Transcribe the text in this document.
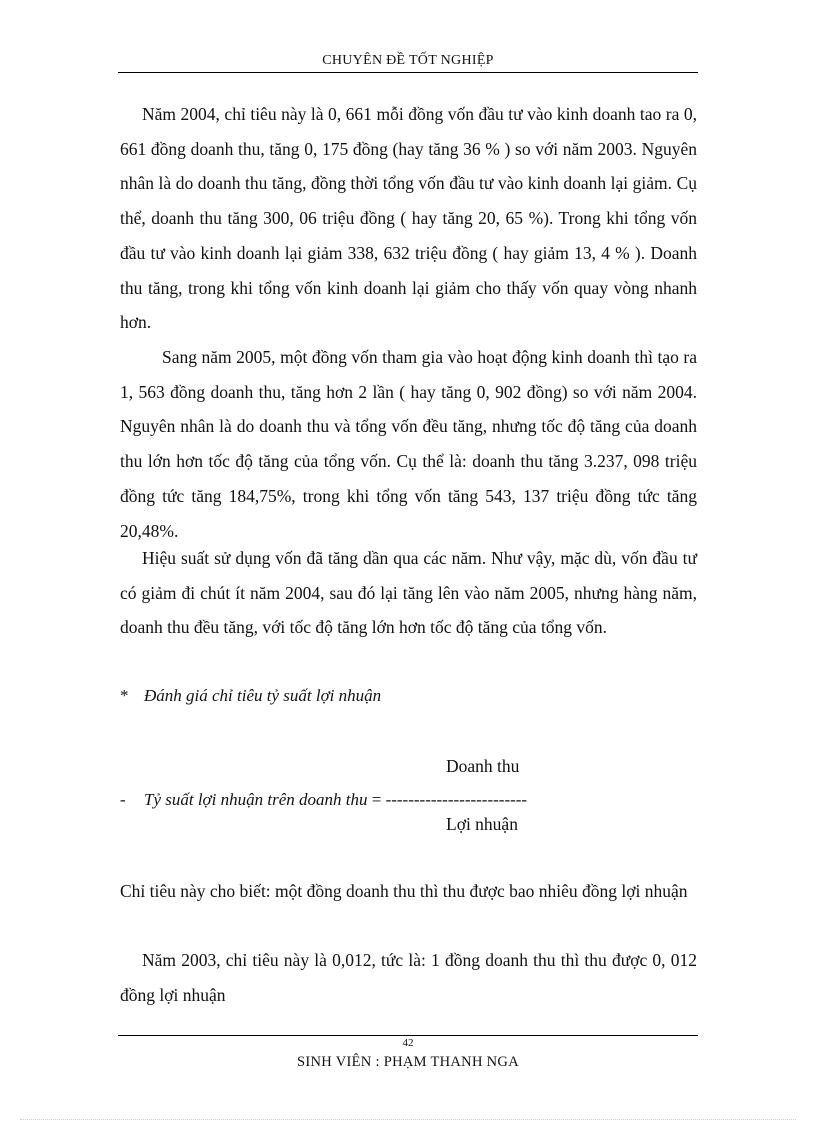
CHUYÊN ĐỀ TỐT NGHIỆP

Năm 2004, chỉ tiêu này là 0, 661 mỗi đồng vốn đầu tư vào kinh doanh tao ra 0, 661 đồng doanh thu, tăng 0, 175 đồng (hay tăng 36 % ) so với năm 2003. Nguyên nhân là do doanh thu tăng, đồng thời tổng vốn đầu tư vào kinh doanh lại giảm. Cụ thể, doanh thu tăng 300, 06 triệu đồng ( hay tăng 20, 65 %). Trong khi tổng vốn đầu tư vào kinh doanh lại giảm 338, 632 triệu đồng ( hay giảm 13, 4 % ). Doanh thu tăng, trong khi tổng vốn kinh doanh lại giảm cho thấy vốn quay vòng nhanh hơn.

Sang năm 2005, một đồng vốn tham gia vào hoạt động kinh doanh thì tạo ra 1, 563 đồng doanh thu, tăng hơn 2 lần ( hay tăng 0, 902 đồng) so với năm 2004. Nguyên nhân là do doanh thu và tổng vốn đều tăng, nhưng tốc độ tăng của doanh thu lớn hơn tốc độ tăng của tổng vốn. Cụ thể là: doanh thu tăng 3.237, 098 triệu đồng tức tăng 184,75%, trong khi tổng vốn tăng 543, 137 triệu đồng tức tăng 20,48%.

Hiệu suất sử dụng vốn đã tăng dần qua các năm. Như vậy, mặc dù, vốn đầu tư có giảm đi chút ít năm 2004, sau đó lại tăng lên vào năm 2005, nhưng hàng năm, doanh thu đều tăng, với tốc độ tăng lớn hơn tốc độ tăng của tổng vốn.

* Đánh giá chỉ tiêu tỷ suất lợi nhuận
Doanh thu
- Tỷ suất lợi nhuận trên doanh thu = -------------------------
Lợi nhuận

Chỉ tiêu này cho biết: một đồng doanh thu thì thu được bao nhiêu đồng lợi nhuận

Năm 2003, chỉ tiêu này là 0,012, tức là: 1 đồng doanh thu thì thu được 0, 012 đồng lợi nhuận

42
SINH VIÊN : PHẠM THANH NGA
